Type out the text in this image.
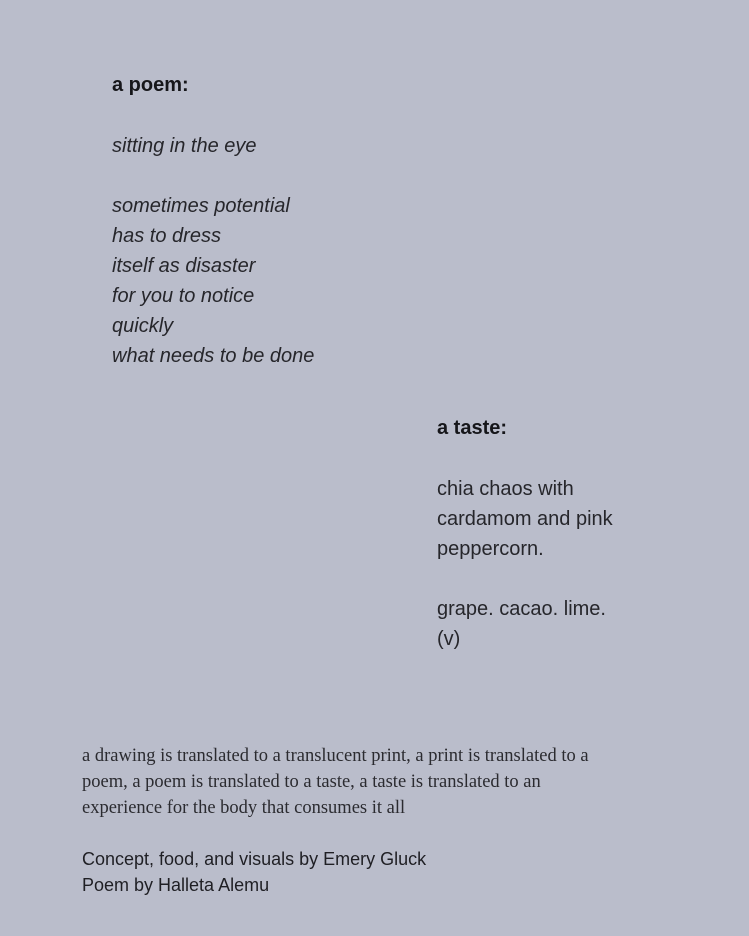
a poem:
sitting in the eye
sometimes potential
has to dress
itself as disaster
for you to notice
quickly
what needs to be done
a taste:
chia chaos with
cardamom and pink
peppercorn.
grape. cacao. lime.
(v)
a drawing is translated to a translucent print, a print is translated to a
poem, a poem is translated to a taste, a taste is translated to an
experience for the body that consumes it all
Concept, food, and visuals by Emery Gluck
Poem by Halleta Alemu
